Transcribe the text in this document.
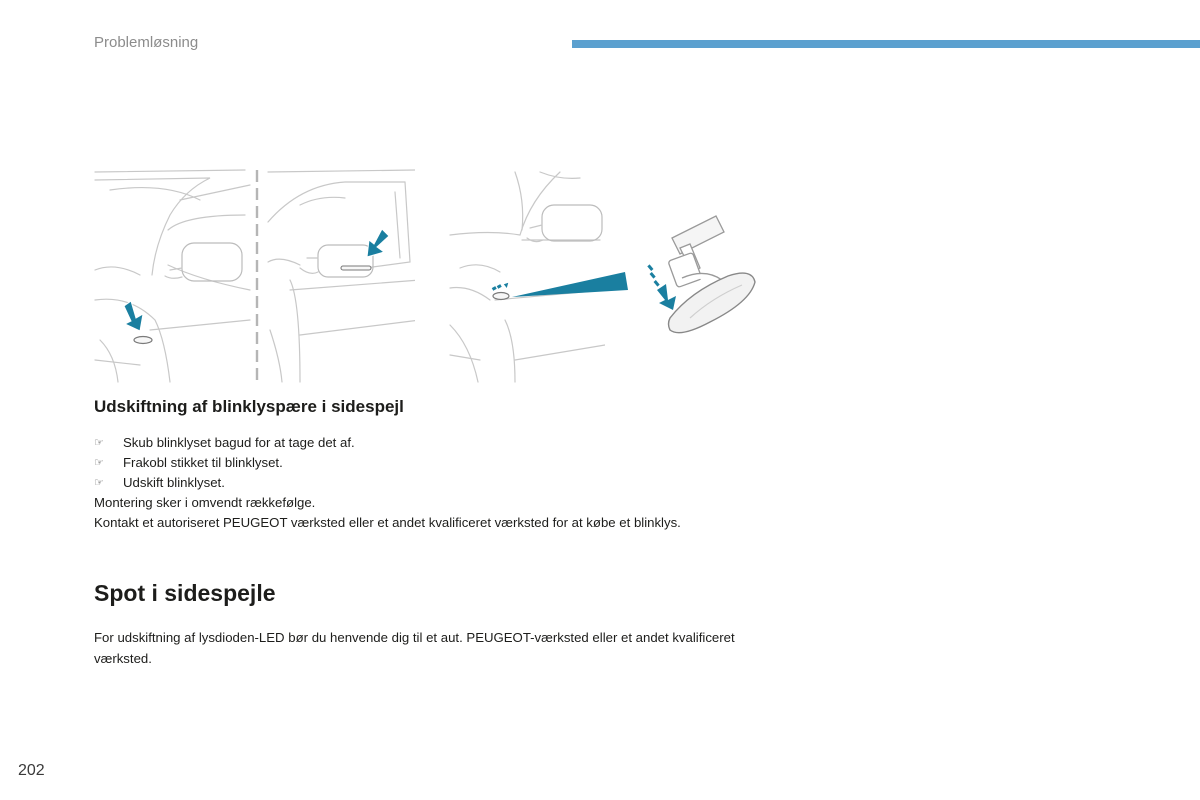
Problemløsning
Udskiftning af blinklyspære i sidespejl
☞	Skub blinklyset bagud for at tage det af.
☞	Frakobl stikket til blinklyset.
☞	Udskift blinklyset.

Montering sker i omvendt rækkefølge.

Kontakt et autoriseret PEUGEOT værksted eller et andet kvalificeret værksted for at købe et blinklys.

Spot i sidespejle

For udskiftning af lysdioden-LED bør du henvende dig til et aut. PEUGEOT-værksted eller et andet kvalificeret værksted.

202
